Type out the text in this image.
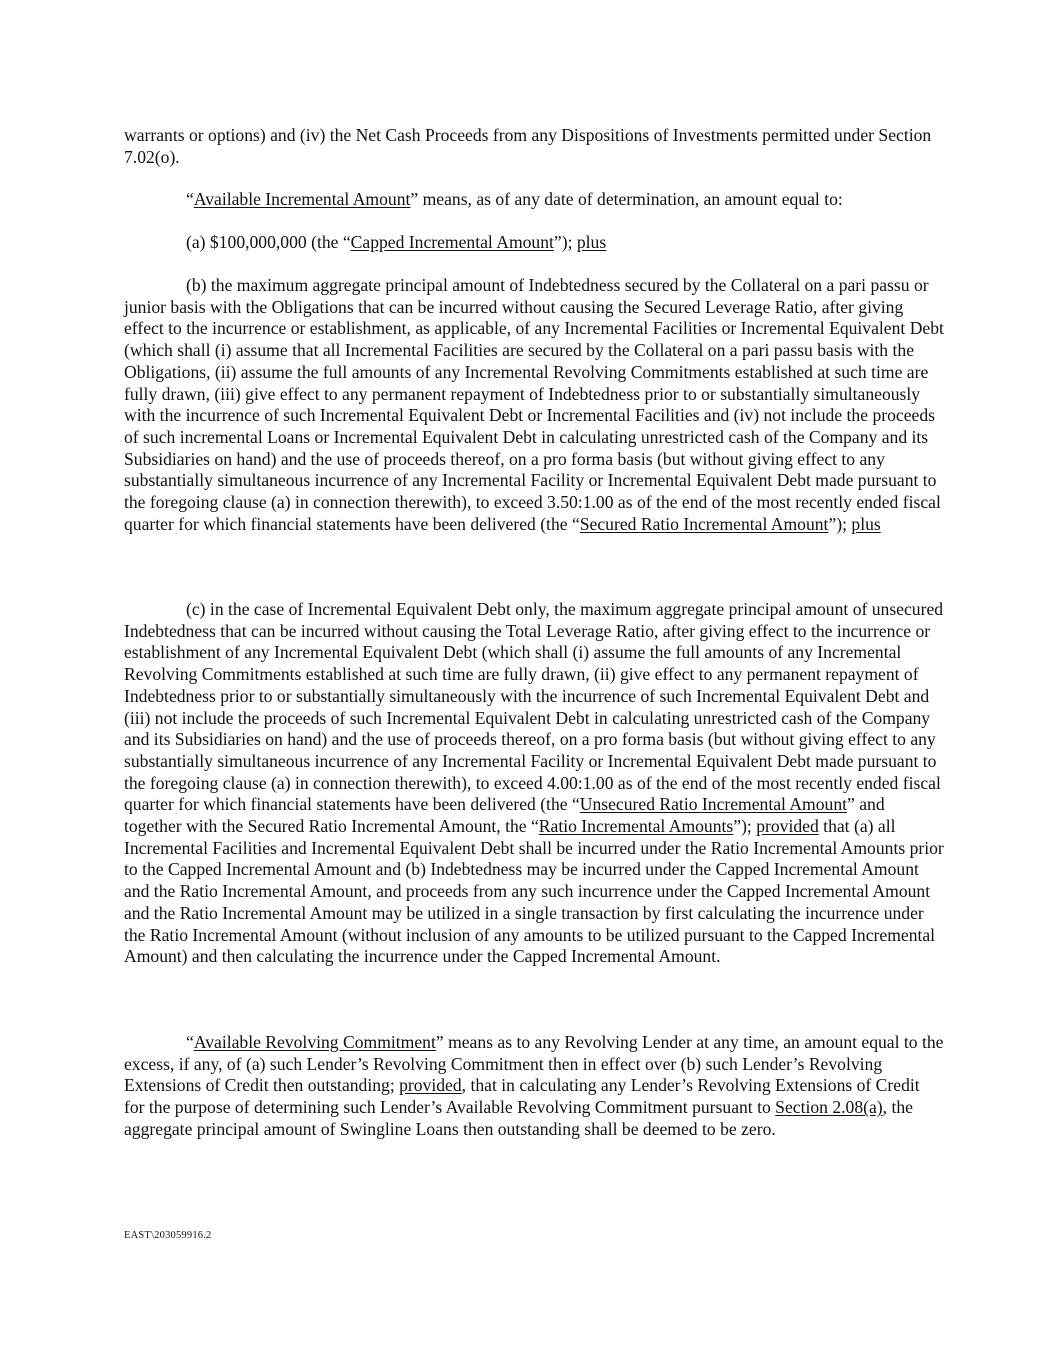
warrants or options) and (iv) the Net Cash Proceeds from any Dispositions of Investments permitted under Section 7.02(o).

“Available Incremental Amount” means, as of any date of determination, an amount equal to:

(a) $100,000,000 (the “Capped Incremental Amount”); plus

(b) the maximum aggregate principal amount of Indebtedness secured by the Collateral on a pari passu or junior basis with the Obligations that can be incurred without causing the Secured Leverage Ratio, after giving effect to the incurrence or establishment, as applicable, of any Incremental Facilities or Incremental Equivalent Debt (which shall (i) assume that all Incremental Facilities are secured by the Collateral on a pari passu basis with the Obligations, (ii) assume the full amounts of any Incremental Revolving Commitments established at such time are fully drawn, (iii) give effect to any permanent repayment of Indebtedness prior to or substantially simultaneously with the incurrence of such Incremental Equivalent Debt or Incremental Facilities and (iv) not include the proceeds of such incremental Loans or Incremental Equivalent Debt in calculating unrestricted cash of the Company and its Subsidiaries on hand) and the use of proceeds thereof, on a pro forma basis (but without giving effect to any substantially simultaneous incurrence of any Incremental Facility or Incremental Equivalent Debt made pursuant to the foregoing clause (a) in connection therewith), to exceed 3.50:1.00 as of the end of the most recently ended fiscal quarter for which financial statements have been delivered (the “Secured Ratio Incremental Amount”); plus

(c) in the case of Incremental Equivalent Debt only, the maximum aggregate principal amount of unsecured Indebtedness that can be incurred without causing the Total Leverage Ratio, after giving effect to the incurrence or establishment of any Incremental Equivalent Debt (which shall (i) assume the full amounts of any Incremental Revolving Commitments established at such time are fully drawn, (ii) give effect to any permanent repayment of Indebtedness prior to or substantially simultaneously with the incurrence of such Incremental Equivalent Debt and (iii) not include the proceeds of such Incremental Equivalent Debt in calculating unrestricted cash of the Company and its Subsidiaries on hand) and the use of proceeds thereof, on a pro forma basis (but without giving effect to any substantially simultaneous incurrence of any Incremental Facility or Incremental Equivalent Debt made pursuant to the foregoing clause (a) in connection therewith), to exceed 4.00:1.00 as of the end of the most recently ended fiscal quarter for which financial statements have been delivered (the “Unsecured Ratio Incremental Amount” and together with the Secured Ratio Incremental Amount, the “Ratio Incremental Amounts”); provided that (a) all Incremental Facilities and Incremental Equivalent Debt shall be incurred under the Ratio Incremental Amounts prior to the Capped Incremental Amount and (b) Indebtedness may be incurred under the Capped Incremental Amount and the Ratio Incremental Amount, and proceeds from any such incurrence under the Capped Incremental Amount and the Ratio Incremental Amount may be utilized in a single transaction by first calculating the incurrence under the Ratio Incremental Amount (without inclusion of any amounts to be utilized pursuant to the Capped Incremental Amount) and then calculating the incurrence under the Capped Incremental Amount.

“Available Revolving Commitment” means as to any Revolving Lender at any time, an amount equal to the excess, if any, of (a) such Lender’s Revolving Commitment then in effect over (b) such Lender’s Revolving Extensions of Credit then outstanding; provided, that in calculating any Lender’s Revolving Extensions of Credit for the purpose of determining such Lender’s Available Revolving Commitment pursuant to Section 2.08(a), the aggregate principal amount of Swingline Loans then outstanding shall be deemed to be zero.

EAST\203059916.2
